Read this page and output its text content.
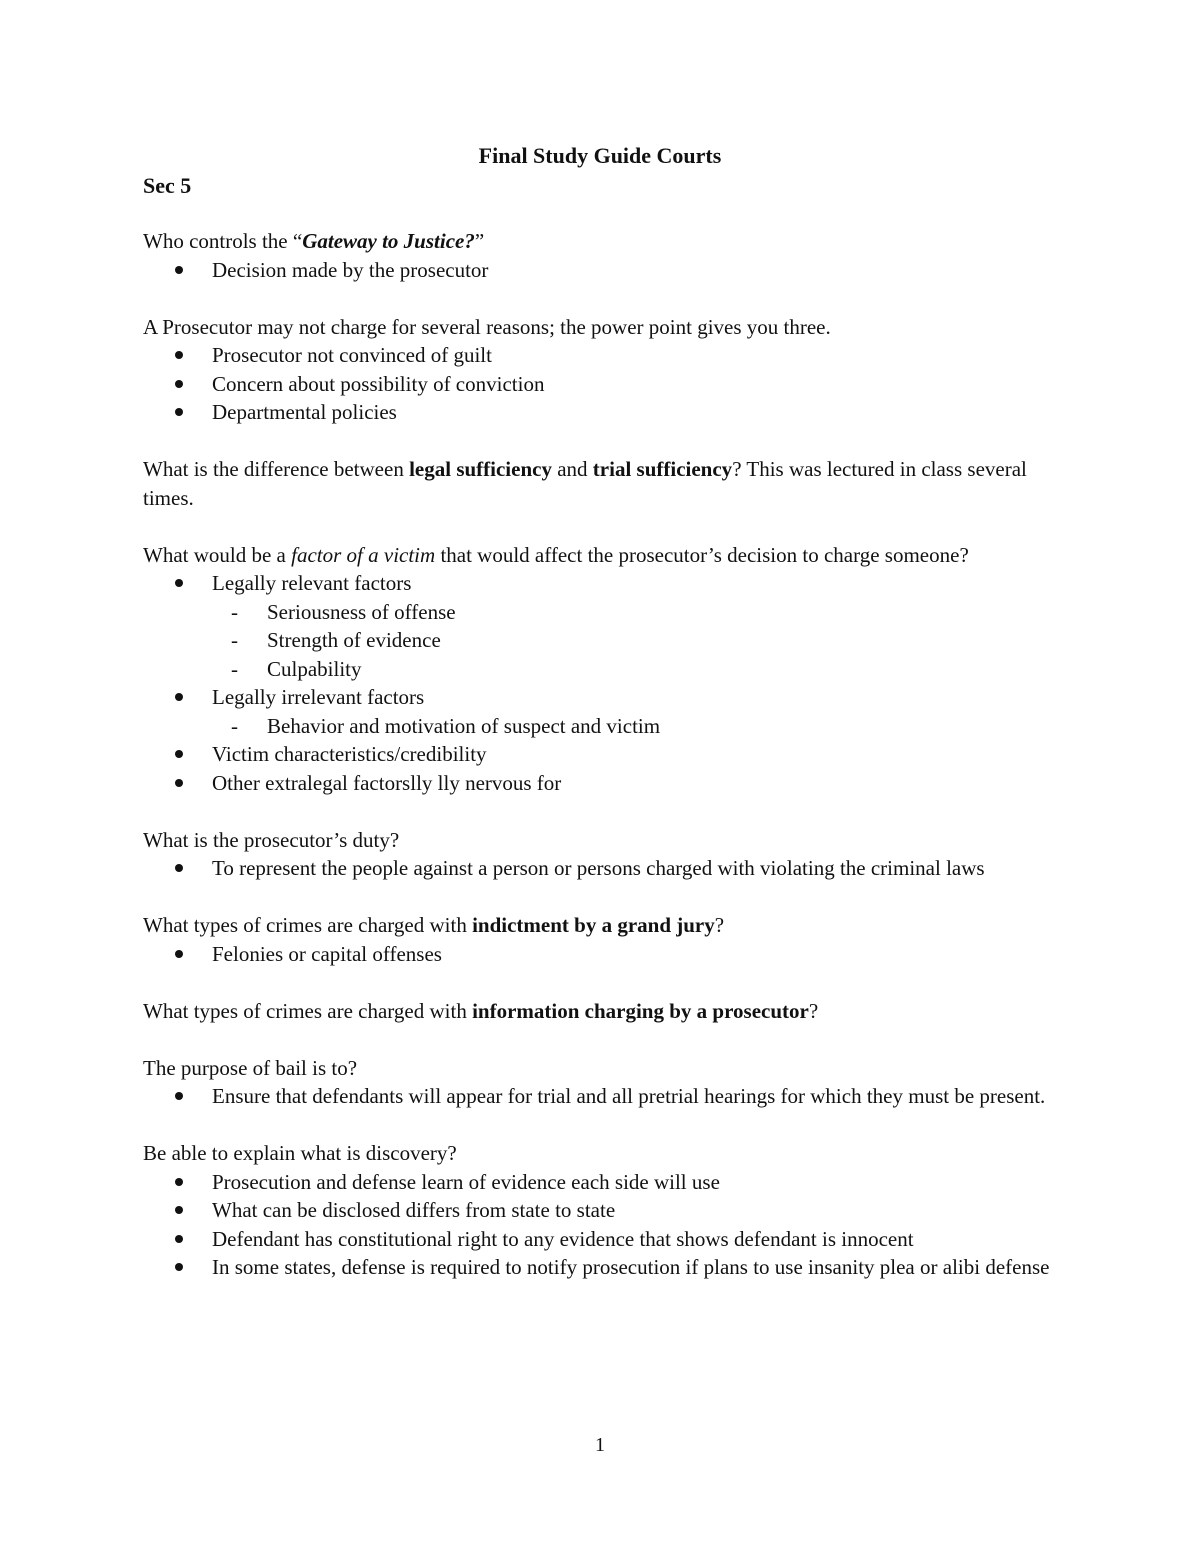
Final Study Guide Courts
Sec 5

Who controls the “Gateway to Justice?”

Decision made by the prosecutor

A Prosecutor may not charge for several reasons; the power point gives you three.

Prosecutor not convinced of guilt
Concern about possibility of conviction
Departmental policies

What is the difference between legal sufficiency and trial sufficiency? This was lectured in class several times.

What would be a factor of a victim that would affect the prosecutor’s decision to charge someone?

Legally relevant factors
- Seriousness of offense
- Strength of evidence
- Culpability
Legally irrelevant factors
- Behavior and motivation of suspect and victim
Victim characteristics/credibility
Other extralegal factorslly lly nervous for

What is the prosecutor’s duty?

To represent the people against a person or persons charged with violating the criminal laws

What types of crimes are charged with indictment by a grand jury?

Felonies or capital offenses

What types of crimes are charged with information charging by a prosecutor?

The purpose of bail is to?

Ensure that defendants will appear for trial and all pretrial hearings for which they must be present.

Be able to explain what is discovery?

Prosecution and defense learn of evidence each side will use
What can be disclosed differs from state to state
Defendant has constitutional right to any evidence that shows defendant is innocent
In some states, defense is required to notify prosecution if plans to use insanity plea or alibi defense

1
